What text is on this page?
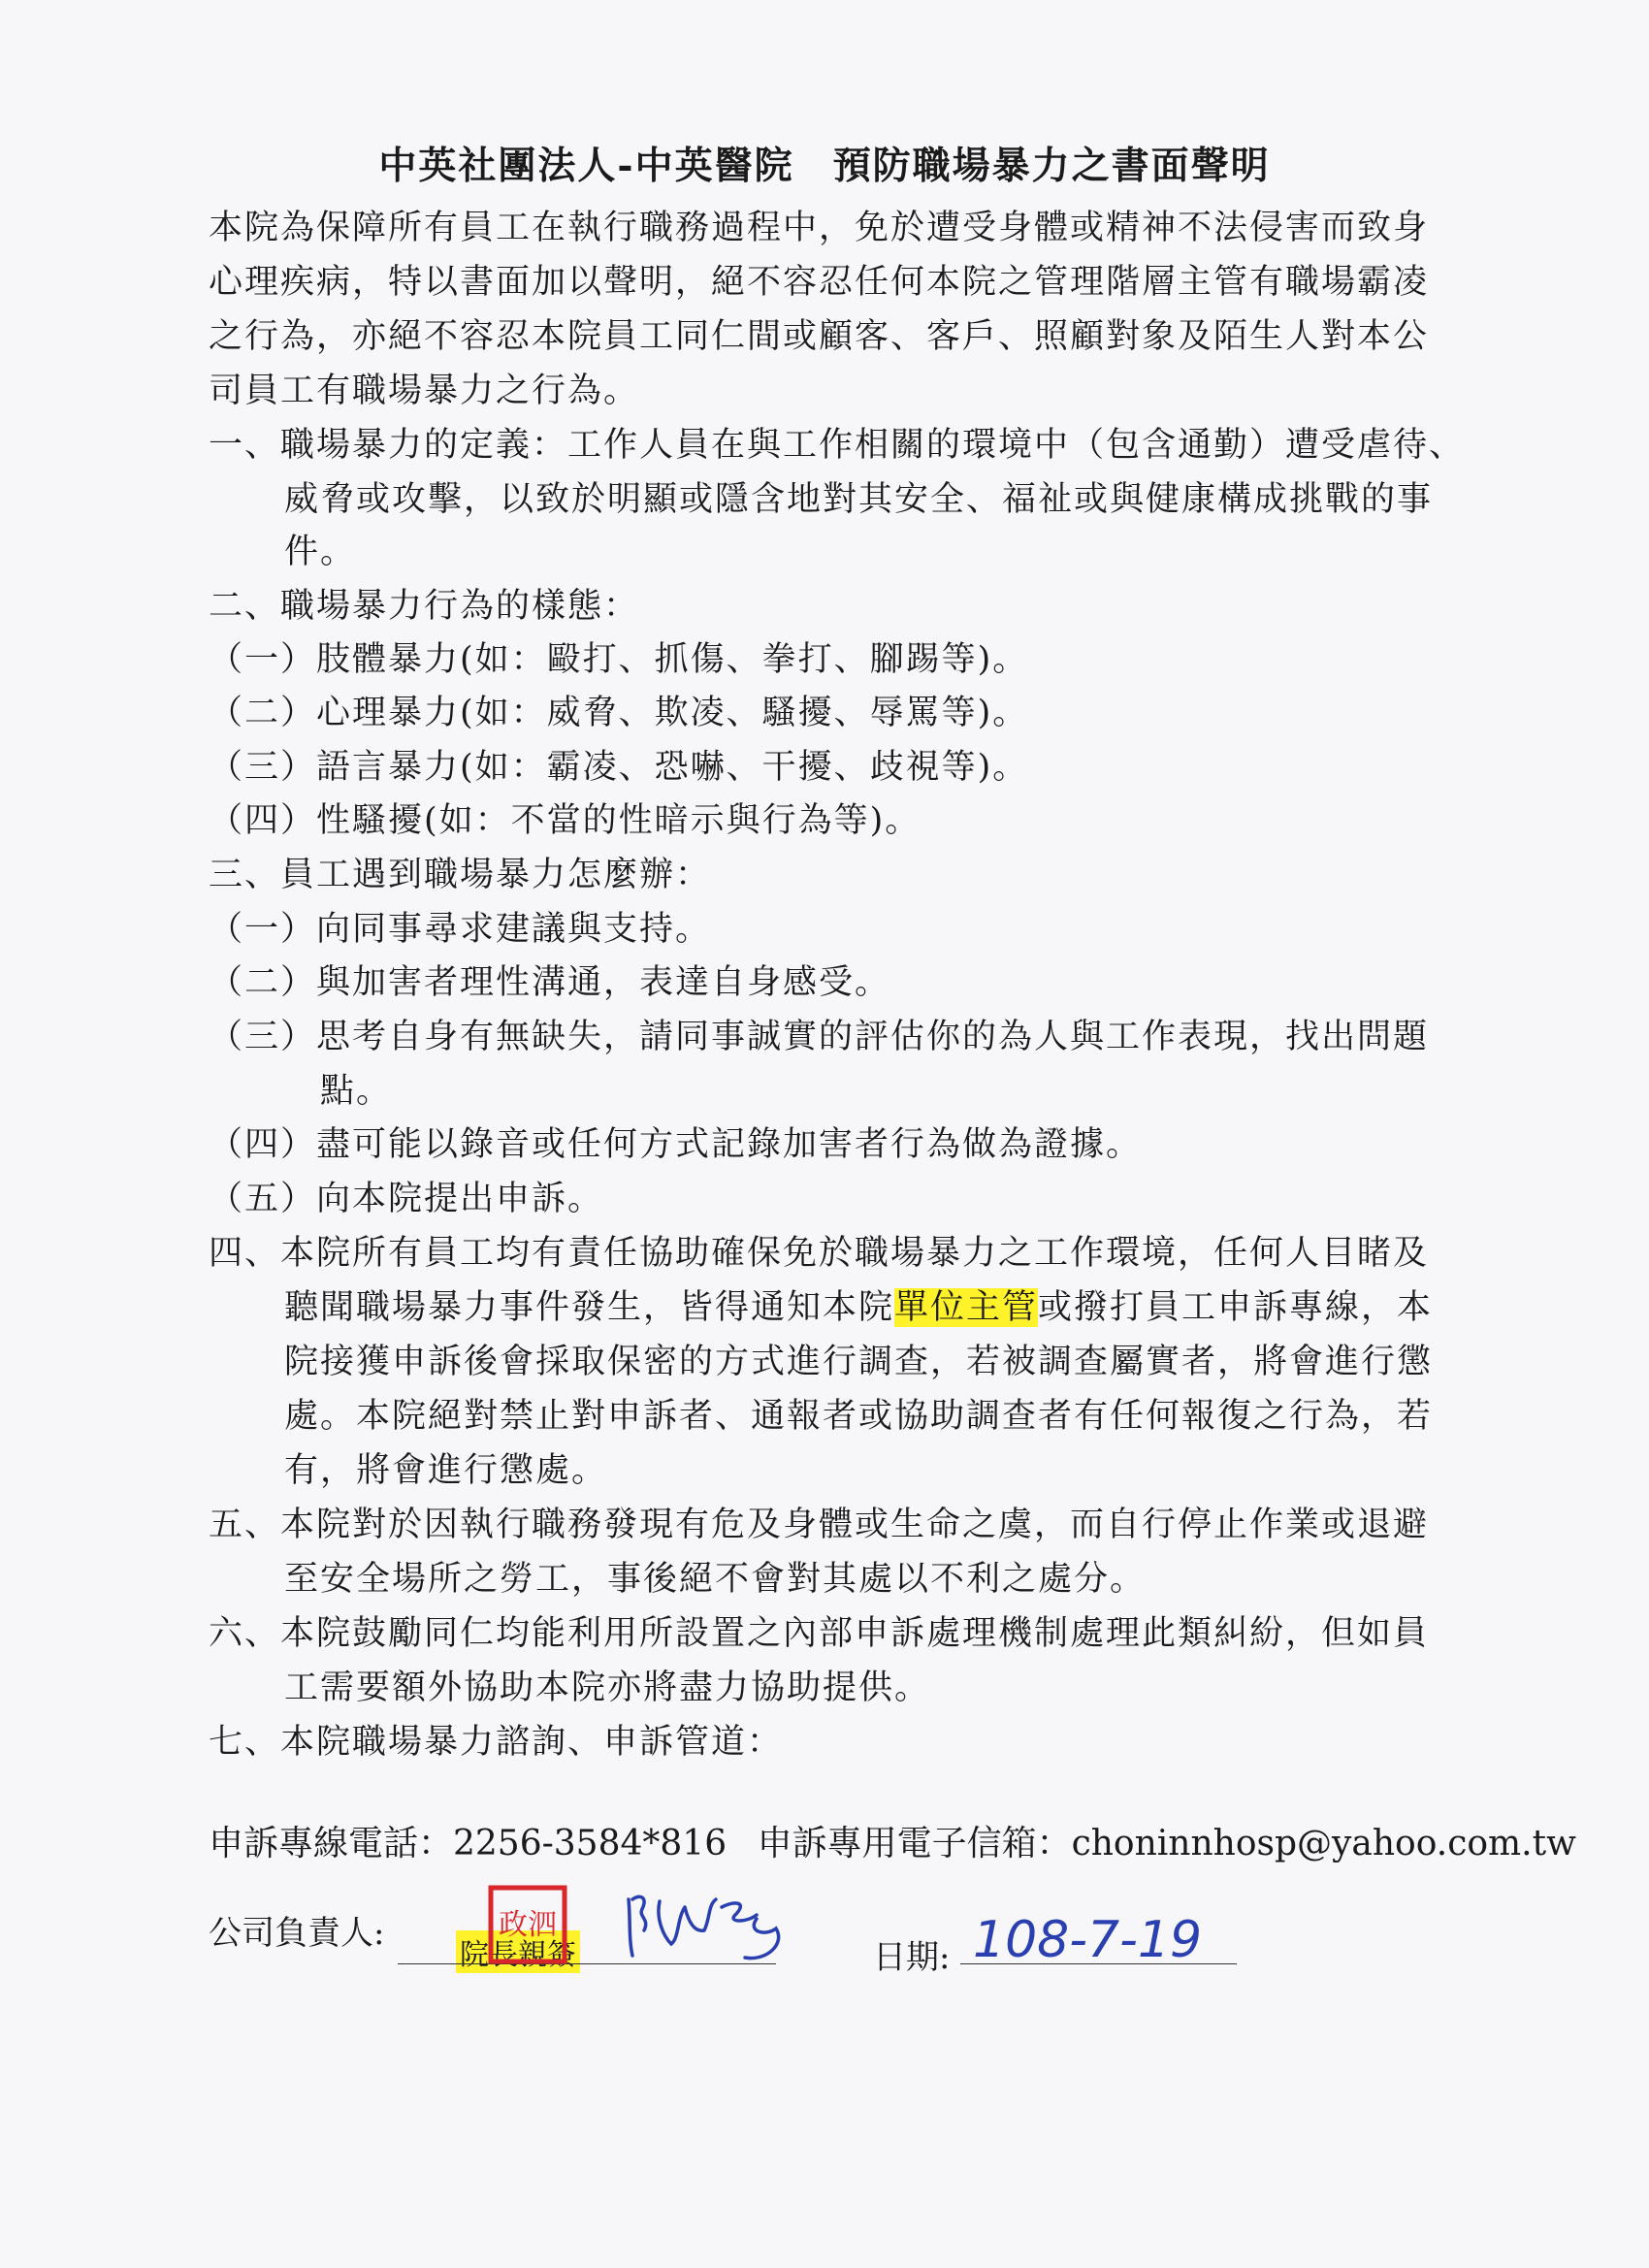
中英社團法人-中英醫院 預防職場暴力之書面聲明
本院為保障所有員工在執行職務過程中，免於遭受身體或精神不法侵害而致身
心理疾病，特以書面加以聲明，絕不容忍任何本院之管理階層主管有職場霸凌
之行為，亦絕不容忍本院員工同仁間或顧客、客戶、照顧對象及陌生人對本公
司員工有職場暴力之行為。
一、職場暴力的定義：工作人員在與工作相關的環境中（包含通勤）遭受虐待、
威脅或攻擊，以致於明顯或隱含地對其安全、福祉或與健康構成挑戰的事
件。
二、職場暴力行為的樣態：
（一）肢體暴力(如：毆打、抓傷、拳打、腳踢等)。
（二）心理暴力(如：威脅、欺凌、騷擾、辱罵等)。
（三）語言暴力(如：霸凌、恐嚇、干擾、歧視等)。
（四）性騷擾(如：不當的性暗示與行為等)。
三、員工遇到職場暴力怎麼辦：
（一）向同事尋求建議與支持。
（二）與加害者理性溝通，表達自身感受。
（三）思考自身有無缺失，請同事誠實的評估你的為人與工作表現，找出問題
點。
（四）盡可能以錄音或任何方式記錄加害者行為做為證據。
（五）向本院提出申訴。
四、本院所有員工均有責任協助確保免於職場暴力之工作環境，任何人目睹及
聽聞職場暴力事件發生，皆得通知本院單位主管或撥打員工申訴專線，本
院接獲申訴後會採取保密的方式進行調查，若被調查屬實者，將會進行懲
處。本院絕對禁止對申訴者、通報者或協助調查者有任何報復之行為，若
有，將會進行懲處。
五、本院對於因執行職務發現有危及身體或生命之虞，而自行停止作業或退避
至安全場所之勞工，事後絕不會對其處以不利之處分。
六、本院鼓勵同仁均能利用所設置之內部申訴處理機制處理此類糾紛，但如員
工需要額外協助本院亦將盡力協助提供。
七、本院職場暴力諮詢、申訴管道：
申訴專線電話：2256-3584*816 申訴專用電子信箱：choninnhosp@yahoo.com.tw
公司負責人:
院長親簽
政泗
日期: 108-7-19
